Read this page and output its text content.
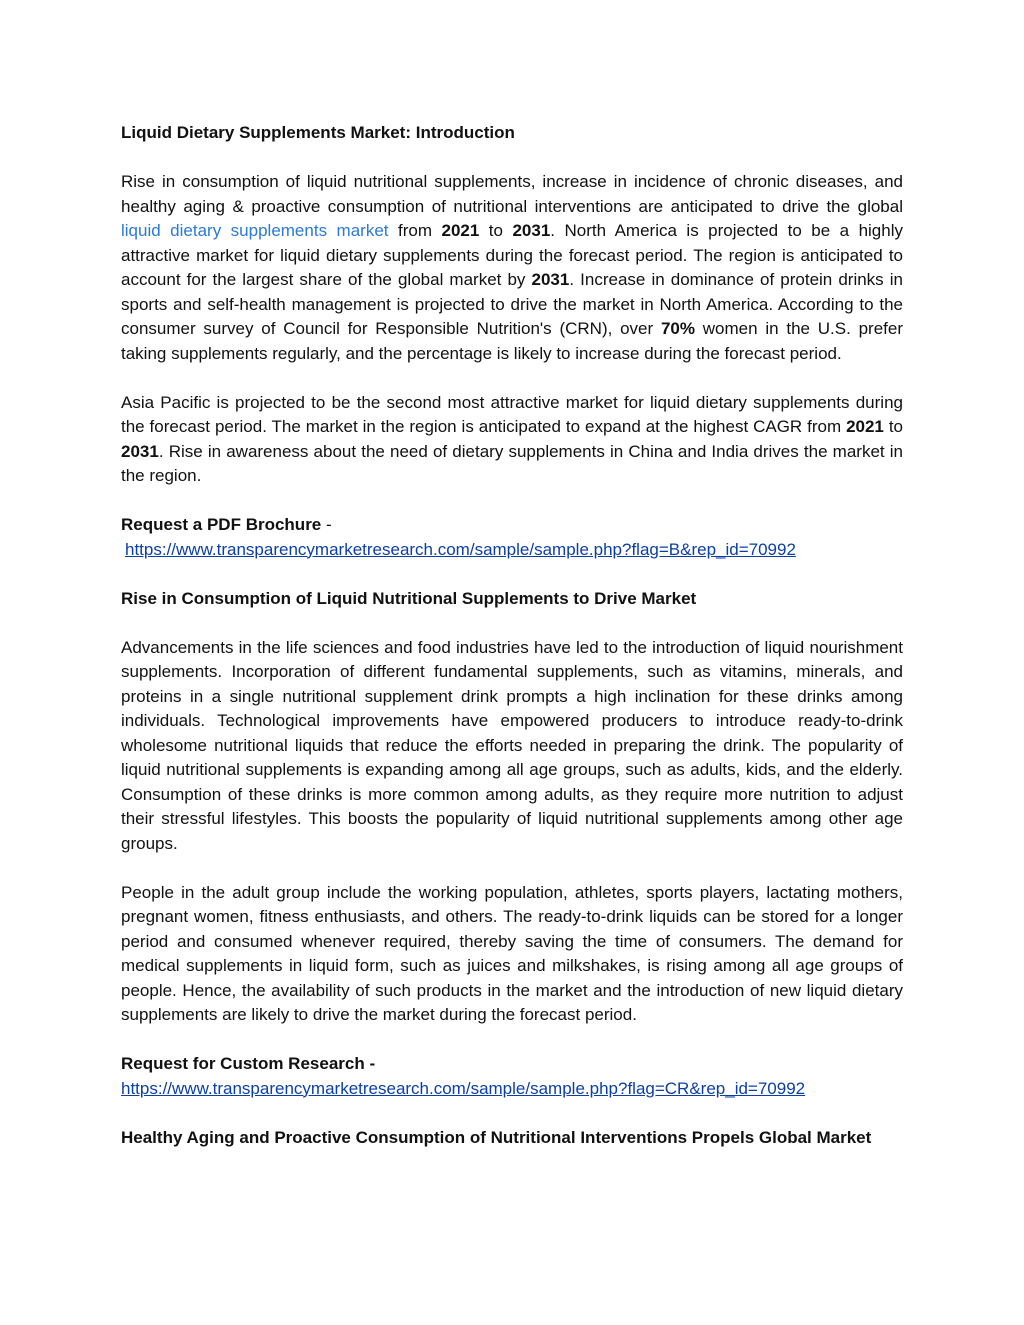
Liquid Dietary Supplements Market: Introduction

Rise in consumption of liquid nutritional supplements, increase in incidence of chronic diseases, and healthy aging & proactive consumption of nutritional interventions are anticipated to drive the global liquid dietary supplements market from 2021 to 2031. North America is projected to be a highly attractive market for liquid dietary supplements during the forecast period. The region is anticipated to account for the largest share of the global market by 2031. Increase in dominance of protein drinks in sports and self-health management is projected to drive the market in North America. According to the consumer survey of Council for Responsible Nutrition's (CRN), over 70% women in the U.S. prefer taking supplements regularly, and the percentage is likely to increase during the forecast period.

Asia Pacific is projected to be the second most attractive market for liquid dietary supplements during the forecast period. The market in the region is anticipated to expand at the highest CAGR from 2021 to 2031. Rise in awareness about the need of dietary supplements in China and India drives the market in the region.

Request a PDF Brochure -

https://www.transparencymarketresearch.com/sample/sample.php?flag=B&rep_id=70992

Rise in Consumption of Liquid Nutritional Supplements to Drive Market

Advancements in the life sciences and food industries have led to the introduction of liquid nourishment supplements. Incorporation of different fundamental supplements, such as vitamins, minerals, and proteins in a single nutritional supplement drink prompts a high inclination for these drinks among individuals. Technological improvements have empowered producers to introduce ready-to-drink wholesome nutritional liquids that reduce the efforts needed in preparing the drink. The popularity of liquid nutritional supplements is expanding among all age groups, such as adults, kids, and the elderly. Consumption of these drinks is more common among adults, as they require more nutrition to adjust their stressful lifestyles. This boosts the popularity of liquid nutritional supplements among other age groups.

People in the adult group include the working population, athletes, sports players, lactating mothers, pregnant women, fitness enthusiasts, and others. The ready-to-drink liquids can be stored for a longer period and consumed whenever required, thereby saving the time of consumers. The demand for medical supplements in liquid form, such as juices and milkshakes, is rising among all age groups of people. Hence, the availability of such products in the market and the introduction of new liquid dietary supplements are likely to drive the market during the forecast period.

Request for Custom Research -

https://www.transparencymarketresearch.com/sample/sample.php?flag=CR&rep_id=70992

Healthy Aging and Proactive Consumption of Nutritional Interventions Propels Global Market
